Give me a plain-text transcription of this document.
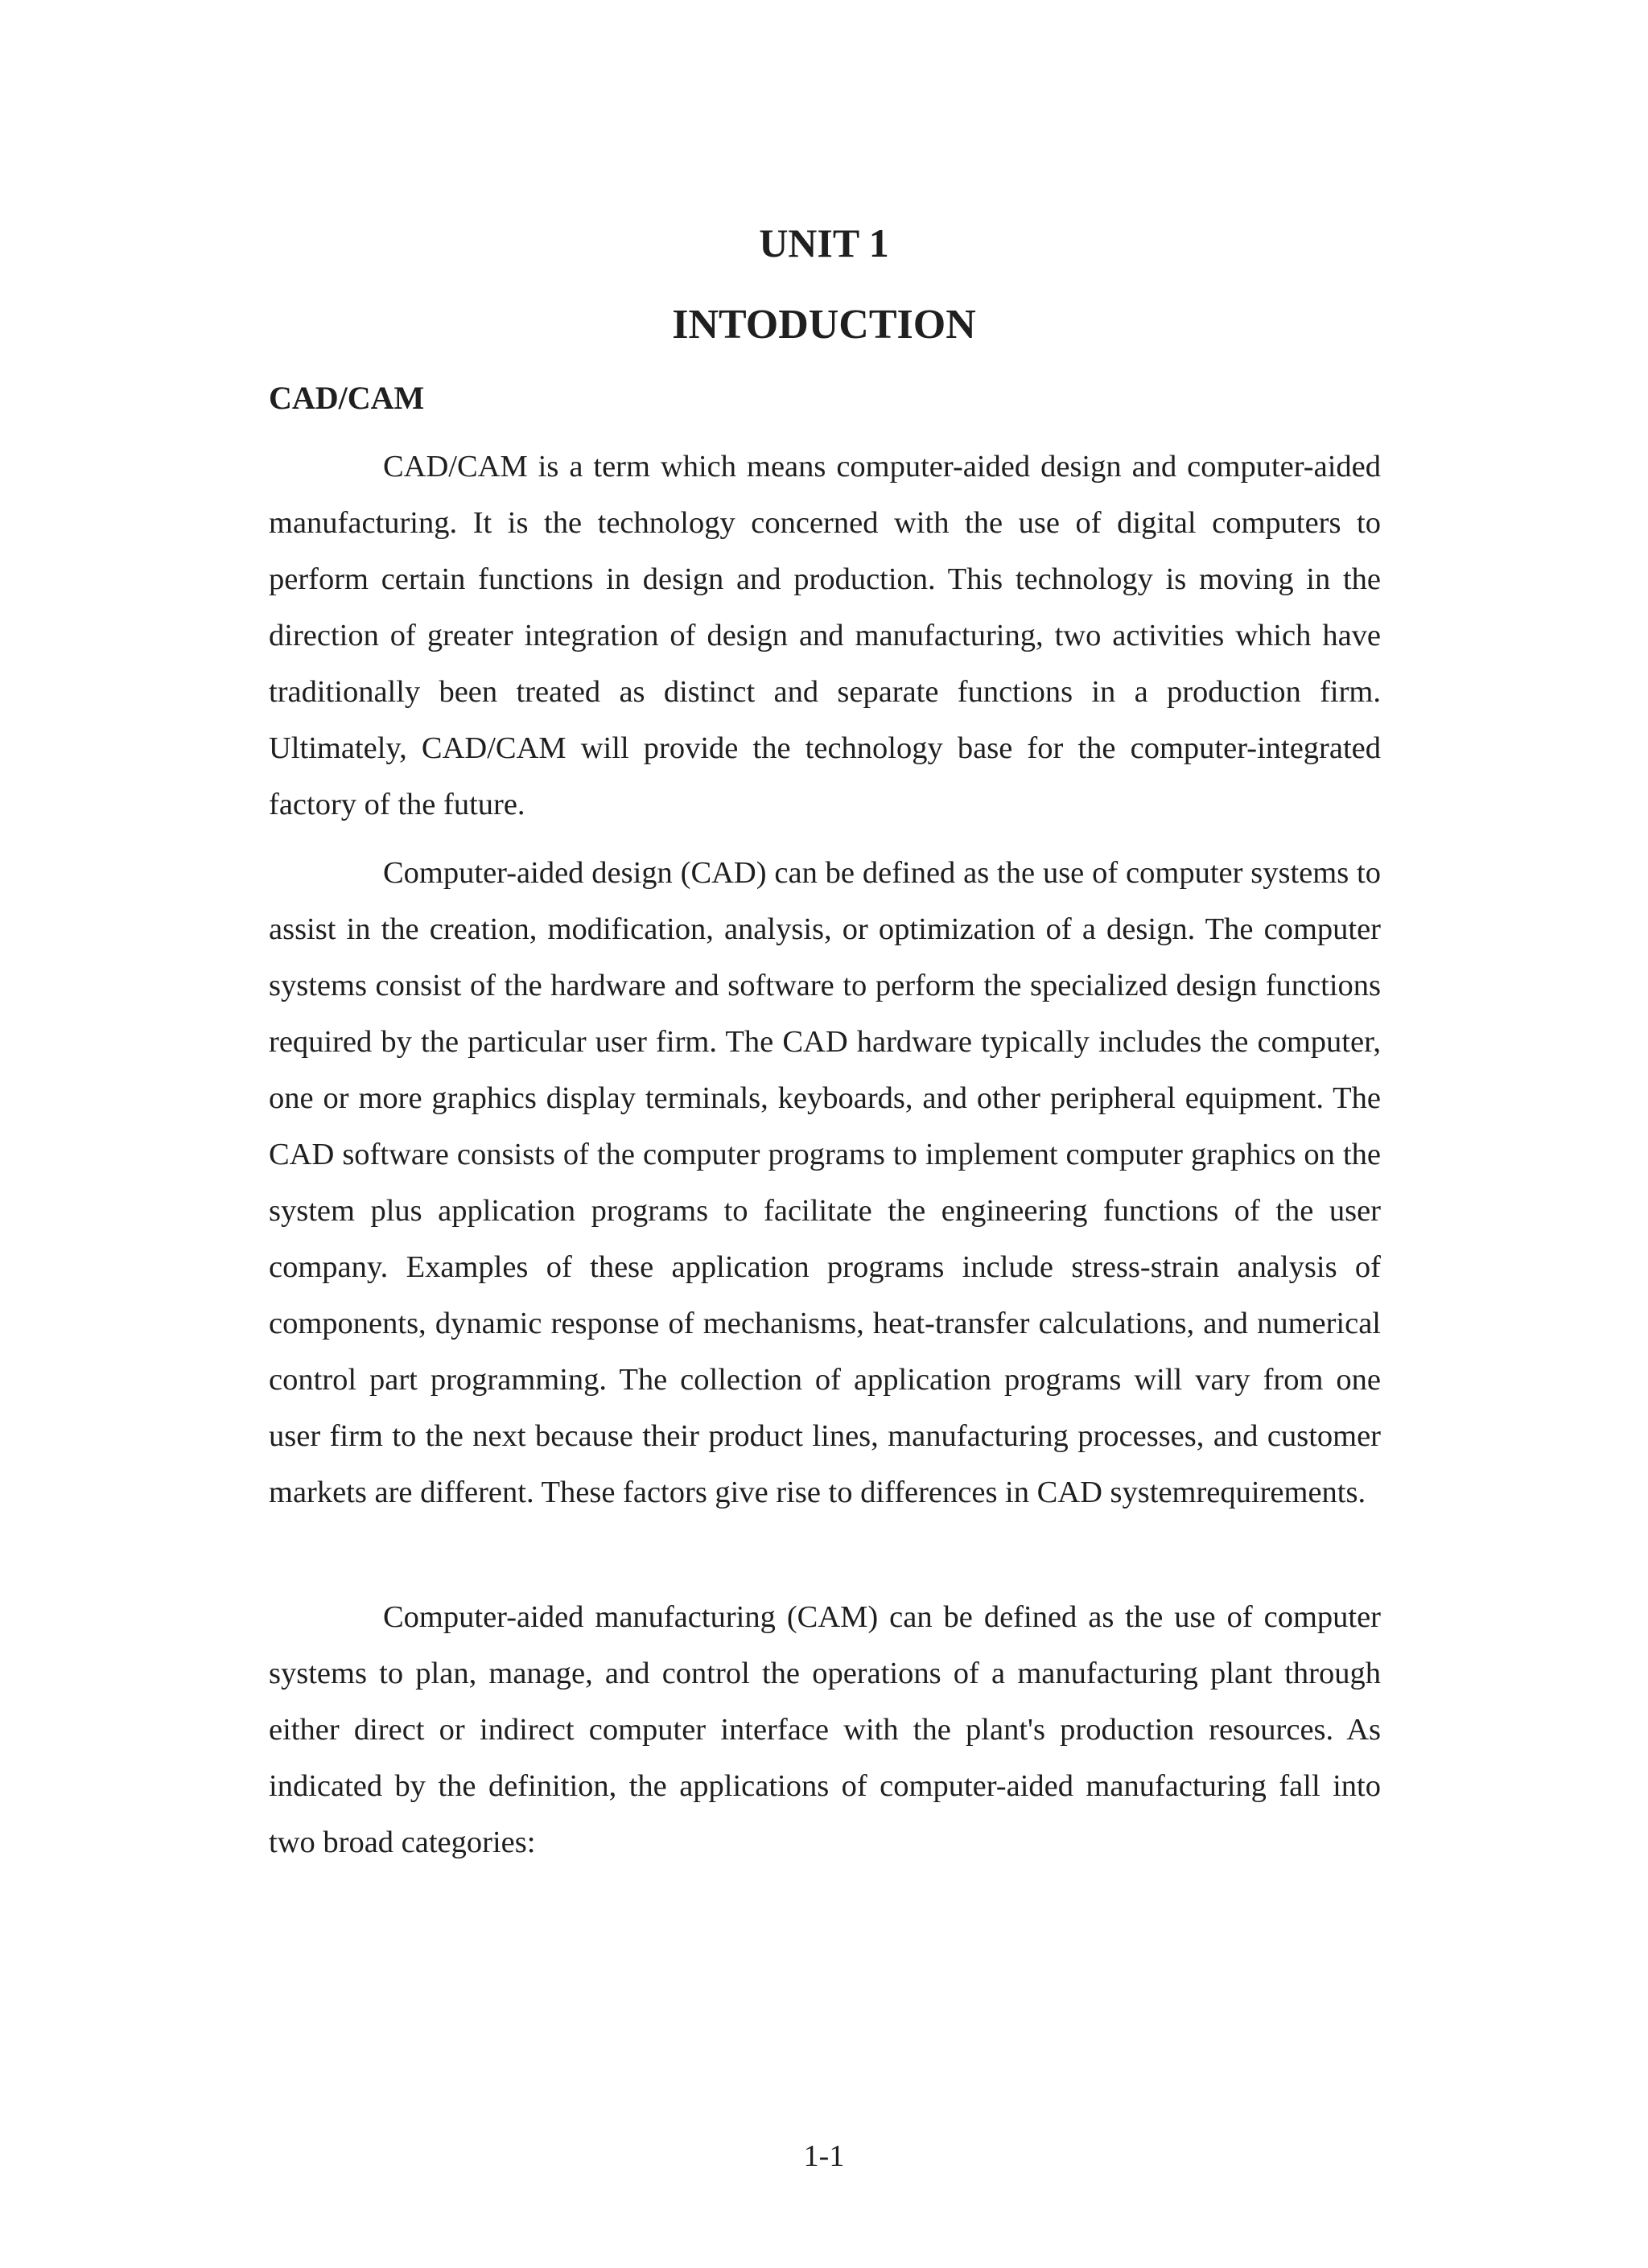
UNIT 1
INTODUCTION
CAD/CAM

CAD/CAM is a term which means computer-aided design and computer-aided manufacturing. It is the technology concerned with the use of digital computers to perform certain functions in design and production. This technology is moving in the direction of greater integration of design and manufacturing, two activities which have traditionally been treated as distinct and separate functions in a production firm. Ultimately, CAD/CAM will provide the technology base for the computer-integrated factory of the future.

Computer-aided design (CAD) can be defined as the use of computer systems to assist in the creation, modification, analysis, or optimization of a design. The computer systems consist of the hardware and software to perform the specialized design functions required by the particular user firm. The CAD hardware typically includes the computer, one or more graphics display terminals, keyboards, and other peripheral equipment. The CAD software consists of the computer programs to implement computer graphics on the system plus application programs to facilitate the engineering functions of the user company. Examples of these application programs include stress-strain analysis of components, dynamic response of mechanisms, heat-transfer calculations, and numerical control part programming. The collection of application programs will vary from one user firm to the next because their product lines, manufacturing processes, and customer markets are different. These factors give rise to differences in CAD systemrequirements.

Computer-aided manufacturing (CAM) can be defined as the use of computer systems to plan, manage, and control the operations of a manufacturing plant through either direct or indirect computer interface with the plant's production resources. As indicated by the definition, the applications of computer-aided manufacturing fall into two broad categories:

1-1
